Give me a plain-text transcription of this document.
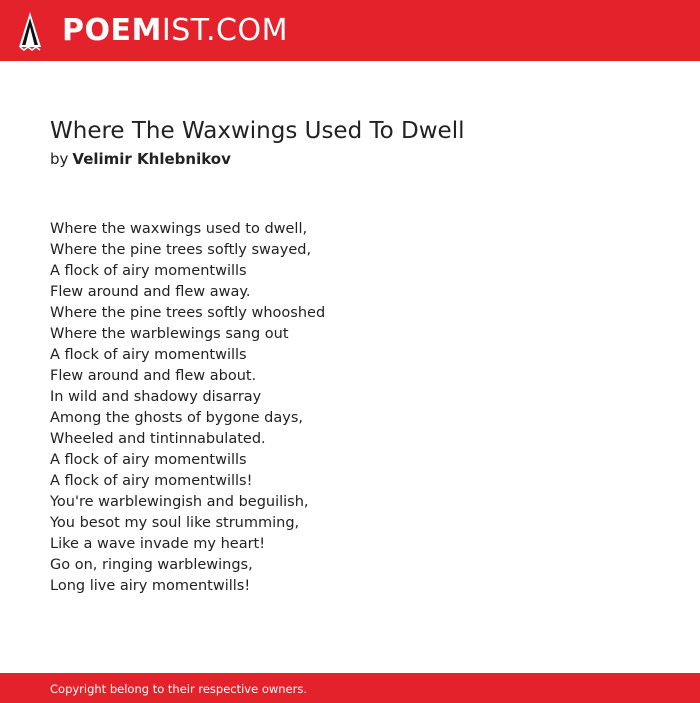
POEMIST.COM
Where The Waxwings Used To Dwell
by Velimir Khlebnikov
Where the waxwings used to dwell,
Where the pine trees softly swayed,
A flock of airy momentwills
Flew around and flew away.
Where the pine trees softly whooshed
Where the warblewings sang out
A flock of airy momentwills
Flew around and flew about.
In wild and shadowy disarray
Among the ghosts of bygone days,
Wheeled and tintinnabulated.
A flock of airy momentwills
A flock of airy momentwills!
You're warblewingish and beguilish,
You besot my soul like strumming,
Like a wave invade my heart!
Go on, ringing warblewings,
Long live airy momentwills!
Copyright belong to their respective owners.
